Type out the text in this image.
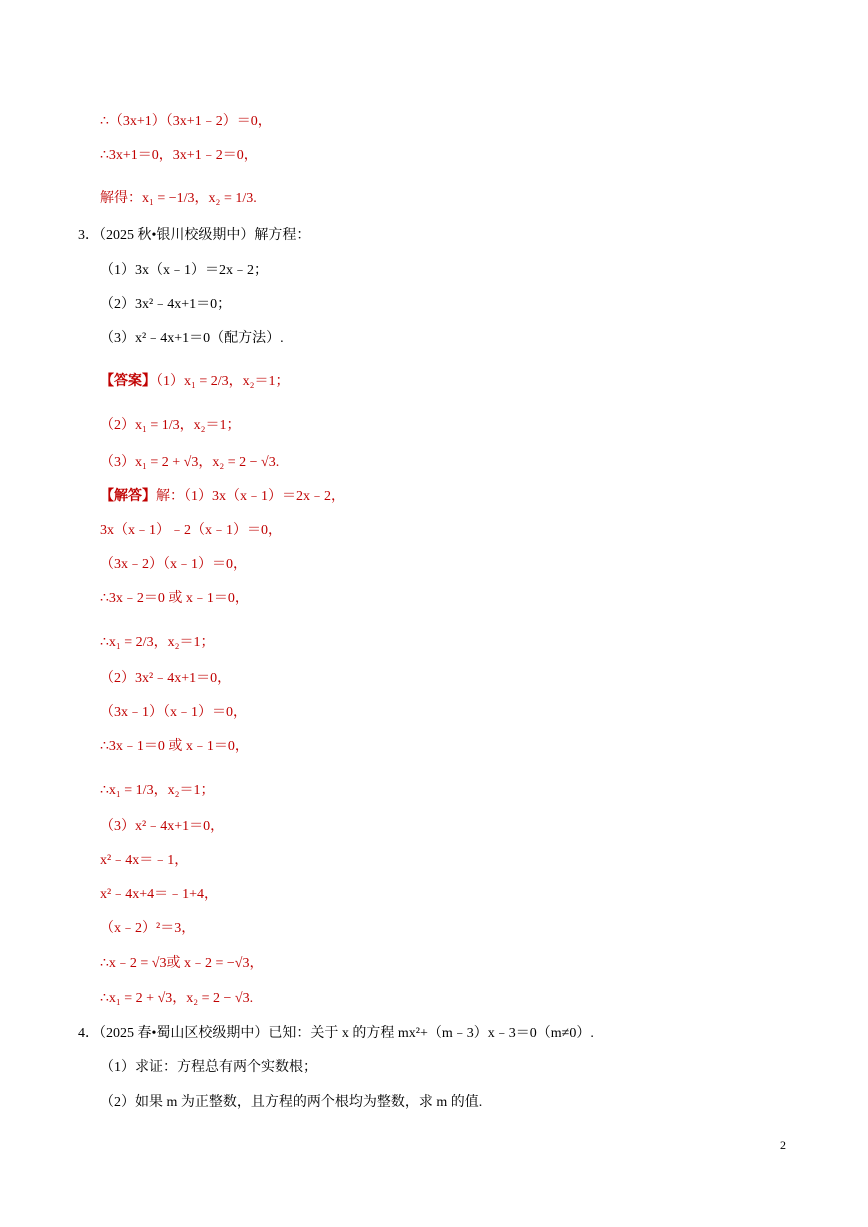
∴（3x+1）（3x+1﹣2）＝0，
∴3x+1＝0，3x+1﹣2＝0，
解得：x₁ = −1/3，x₂ = 1/3.
3．（2025 秋•银川校级期中）解方程：
（1）3x（x﹣1）＝2x﹣2；
（2）3x²﹣4x+1＝0；
（3）x²﹣4x+1＝0（配方法）.
【答案】（1）x₁ = 2/3，x₂＝1；
（2）x₁ = 1/3，x₂＝1；
（3）x₁ = 2 + √3，x₂ = 2 − √3.
【解答】解：（1）3x（x﹣1）＝2x﹣2，
3x（x﹣1）﹣2（x﹣1）＝0，
（3x﹣2）（x﹣1）＝0，
∴3x﹣2＝0 或 x﹣1＝0，
∴x₁ = 2/3，x₂＝1；
（2）3x²﹣4x+1＝0，
（3x﹣1）（x﹣1）＝0，
∴3x﹣1＝0 或 x﹣1＝0，
∴x₁ = 1/3，x₂＝1；
（3）x²﹣4x+1＝0，
x²﹣4x＝﹣1，
x²﹣4x+4＝﹣1+4，
（x﹣2）²＝3，
∴x﹣2 = √3或 x﹣2 = −√3，
∴x₁ = 2 + √3，x₂ = 2 − √3.
4．（2025 春•蜀山区校级期中）已知：关于 x 的方程 mx²+（m﹣3）x﹣3＝0（m≠0）.
（1）求证：方程总有两个实数根；
（2）如果 m 为正整数，且方程的两个根均为整数，求 m 的值.
2
